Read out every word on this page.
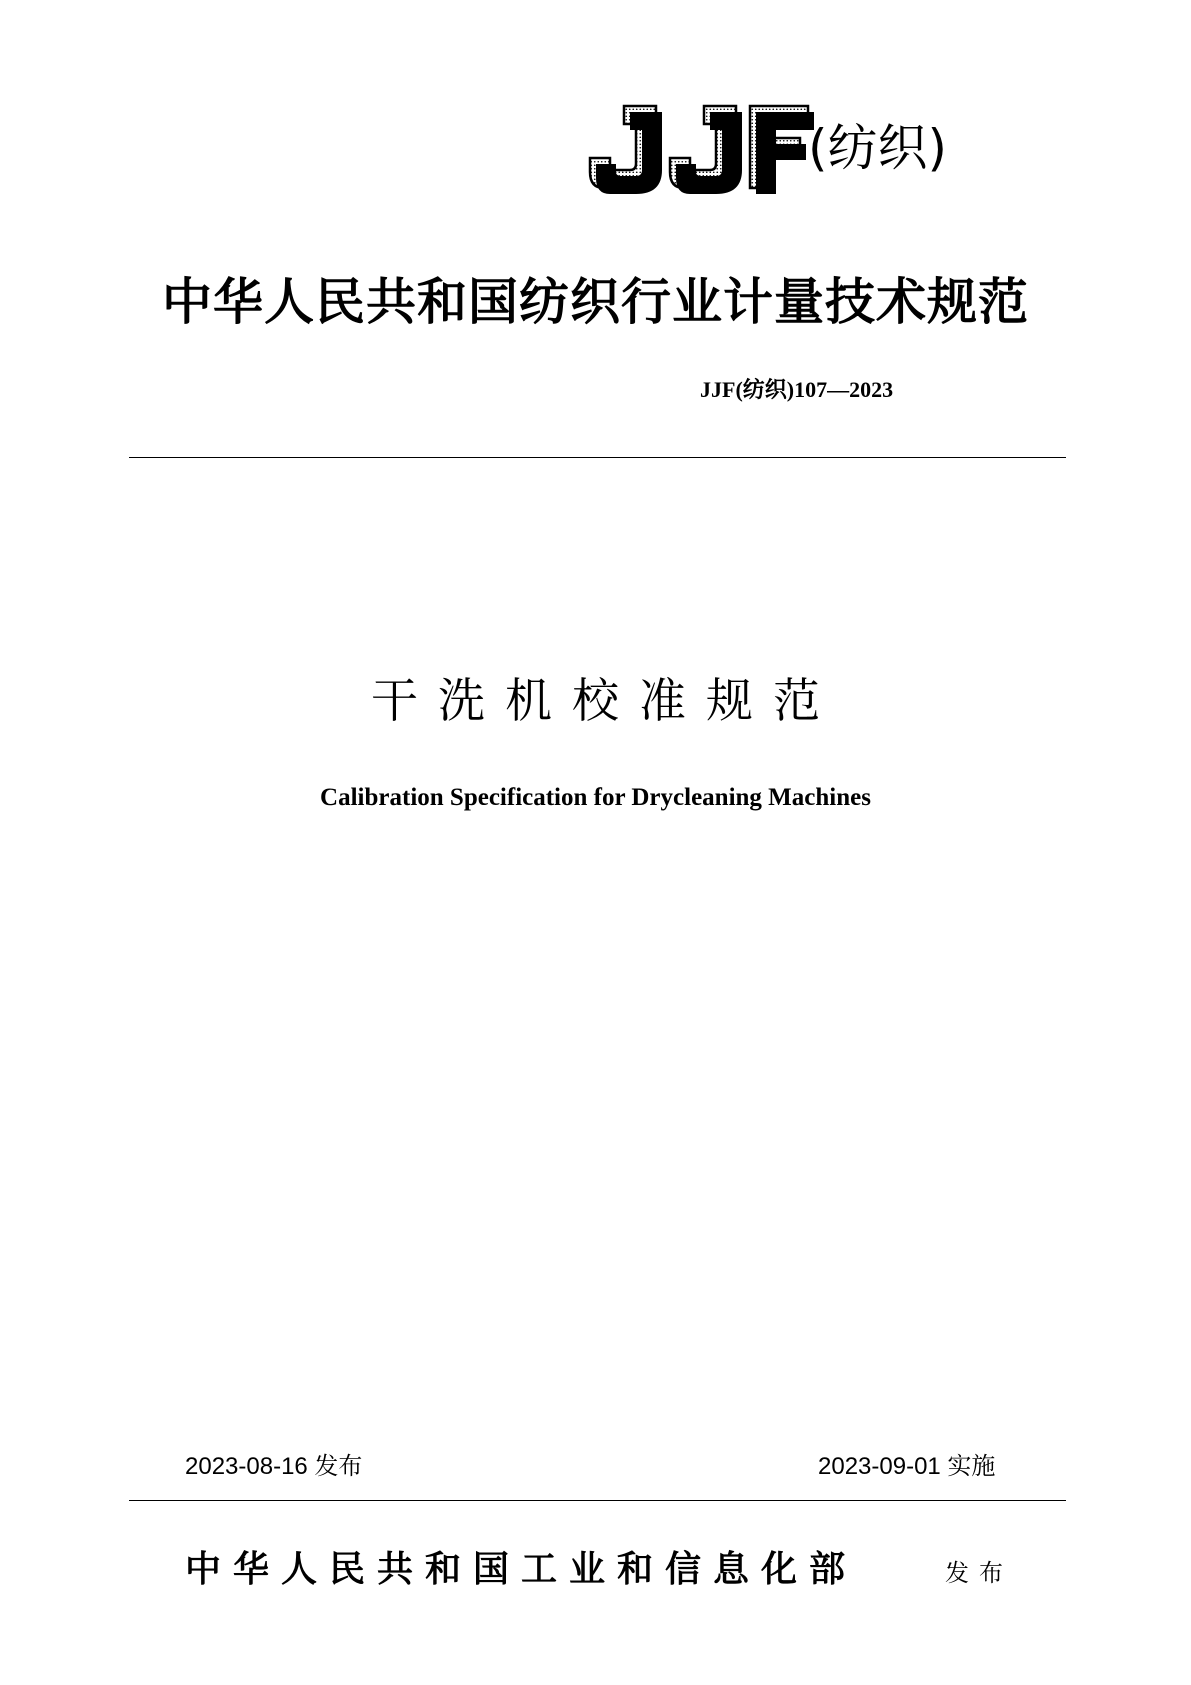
JJF
(纺织)
中华人民共和国纺织行业计量技术规范
JJF(纺织)107—2023
干洗机校准规范
Calibration Specification for Drycleaning Machines
2023-08-16 发布	2023-09-01 实施
中华人民共和国工业和信息化部	发布
